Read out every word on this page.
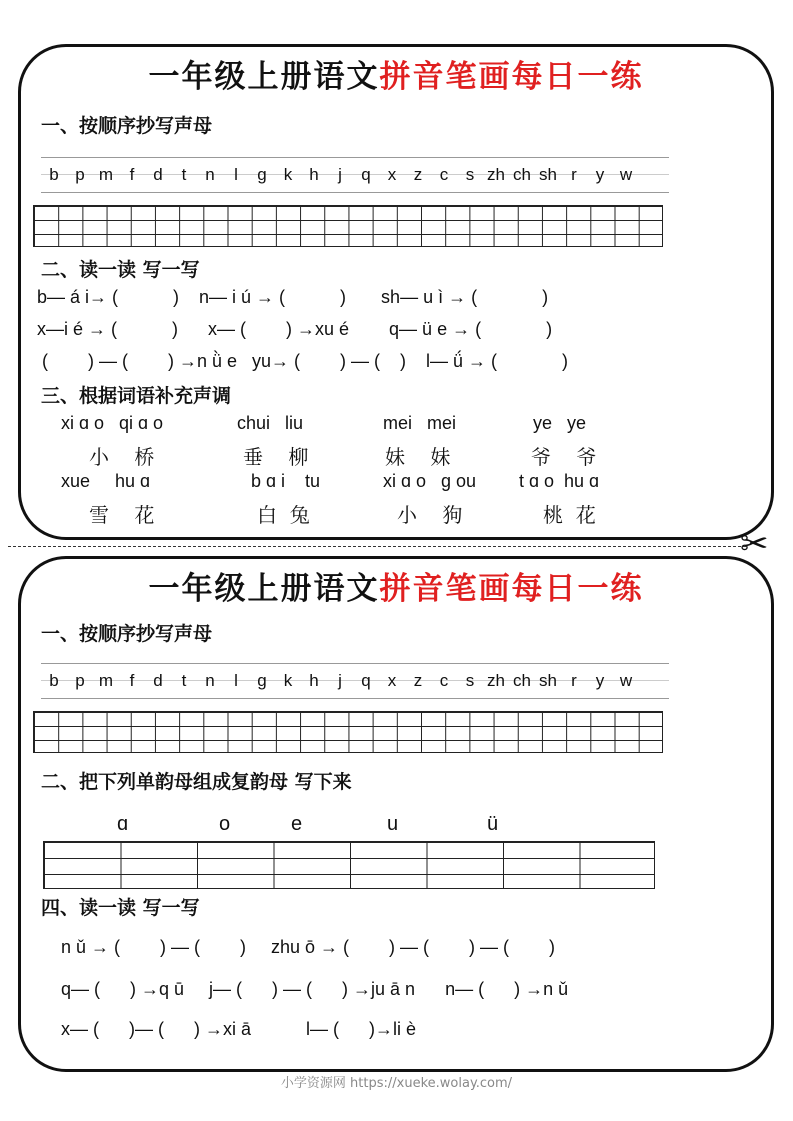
一年级上册语文拼音笔画每日一练
一、按顺序抄写声母
b p m f	d	t	n	l	g	k	h	j	q	x	z	c	s zh ch sh r	y w
二、读一读 写一写
b— á i→ (           )    n— i ú → (           )       sh— u ì → (             )
x—i é → (           )      x— (        ) →xu é        q— ü e → (             )
(        ) — (        ) →n ǜ e   yu→ (        ) — (    )    l— ǘ → (             )
三、根据词语补充声调
xi ɑ o   qi ɑ o
小    桥
chui   liu
垂    柳
mei   mei
妹    妹
ye   ye
爷    爷
xue     hu ɑ
雪    花
b ɑ i    tu
白  兔
xi ɑ o   g ou
小    狗
t ɑ o  hu ɑ
桃  花
✂
一年级上册语文拼音笔画每日一练
一、按顺序抄写声母
b p m f	d	t	n	l	g	k	h	j	q	x	z	c	s zh ch sh r	y w
二、把下列单韵母组成复韵母 写下来
ɑ	o	e	u	ü
四、读一读 写一写
n ǔ → (        ) — (        )     zhu ō → (        ) — (        ) — (        )
q— (      ) →q ū     j— (      ) — (      ) →ju ā n      n— (      ) →n ǔ
x— (      )— (      ) →xi ā           l— (      )→li è
小学资源网 https://xueke.wolay.com/
